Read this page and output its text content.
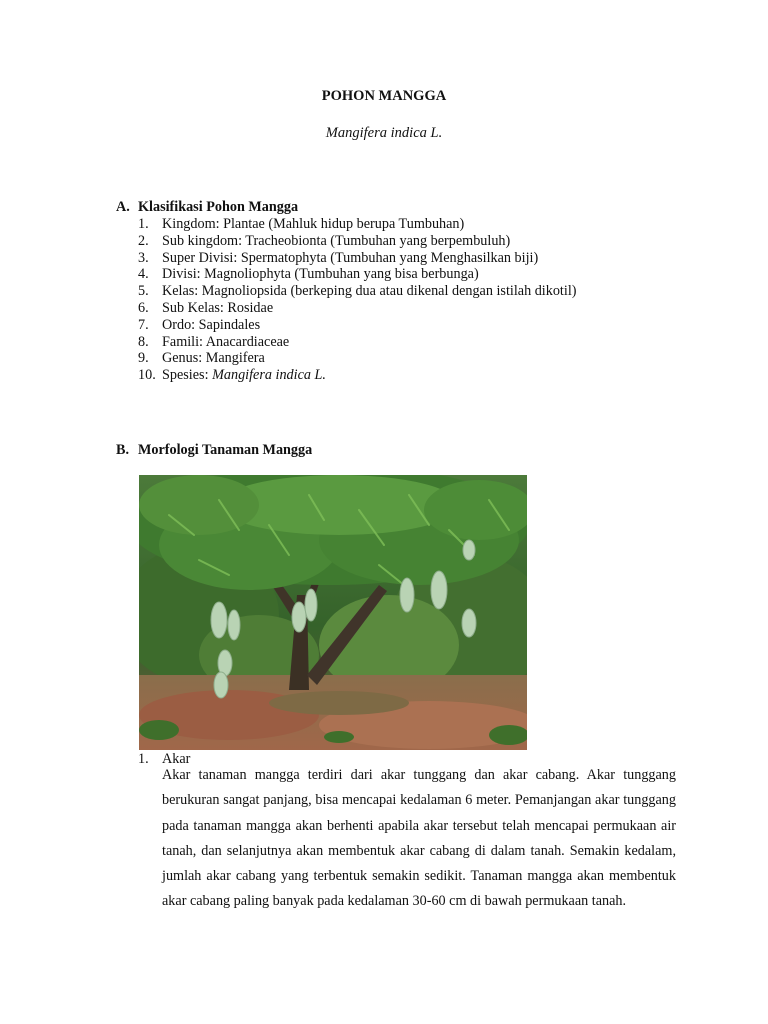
POHON MANGGA
Mangifera indica L.
A. Klasifikasi Pohon Mangga
1. Kingdom: Plantae (Mahluk hidup berupa Tumbuhan)
2. Sub kingdom: Tracheobionta (Tumbuhan yang berpembuluh)
3. Super Divisi: Spermatophyta (Tumbuhan yang Menghasilkan biji)
4. Divisi: Magnoliophyta (Tumbuhan yang bisa berbunga)
5. Kelas: Magnoliopsida (berkeping dua atau dikenal dengan istilah dikotil)
6. Sub Kelas: Rosidae
7. Ordo: Sapindales
8. Famili: Anacardiaceae
9. Genus: Mangifera
10. Spesies: Mangifera indica L.
B. Morfologi Tanaman Mangga
1. Akar
Akar tanaman mangga terdiri dari akar tunggang dan akar cabang. Akar tunggang berukuran sangat panjang, bisa mencapai kedalaman 6 meter. Pemanjangan akar tunggang pada tanaman mangga akan berhenti apabila akar tersebut telah mencapai permukaan air tanah, dan selanjutnya akan membentuk akar cabang di dalam tanah. Semakin kedalam, jumlah akar cabang yang terbentuk semakin sedikit. Tanaman mangga akan membentuk akar cabang paling banyak pada kedalaman 30-60 cm di bawah permukaan tanah.
